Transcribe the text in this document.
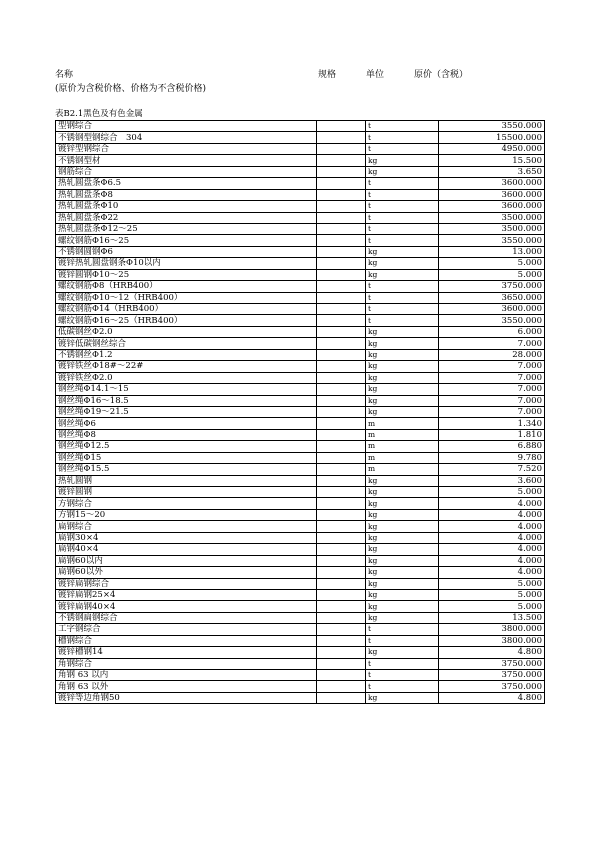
名称
(原价为含税价格、价格为不含税价格)
规格	单位	原价（含税）
表B2.1黑色及有色金属
型钢综合		t	3550.000
不锈钢型钢综合　304		t	15500.000
镀锌型钢综合		t	4950.000
不锈钢型材		kg	15.500
钢筋综合		kg	3.650
热轧圆盘条Φ6.5		t	3600.000
热轧圆盘条Φ8		t	3600.000
热轧圆盘条Φ10		t	3600.000
热轧圆盘条Φ22		t	3500.000
热轧圆盘条Φ12～25		t	3500.000
螺纹钢筋Φ16～25		t	3550.000
不锈钢圆钢Φ6		kg	13.000
镀锌热轧圆盘钢条Φ10以内		kg	5.000
镀锌圆钢Φ10～25		kg	5.000
螺纹钢筋Φ8（HRB400）		t	3750.000
螺纹钢筋Φ10～12（HRB400）		t	3650.000
螺纹钢筋Φ14（HRB400）		t	3600.000
螺纹钢筋Φ16～25（HRB400）		t	3550.000
低碳钢丝Φ2.0		kg	6.000
镀锌低碳钢丝综合		kg	7.000
不锈钢丝Φ1.2		kg	28.000
镀锌铁丝Φ18#～22#		kg	7.000
镀锌铁丝Φ2.0		kg	7.000
钢丝绳Φ14.1～15		kg	7.000
钢丝绳Φ16～18.5		kg	7.000
钢丝绳Φ19～21.5		kg	7.000
钢丝绳Φ6		m	1.340
钢丝绳Φ8		m	1.810
钢丝绳Φ12.5		m	6.880
钢丝绳Φ15		m	9.780
钢丝绳Φ15.5		m	7.520
热轧圆钢		kg	3.600
镀锌圆钢		kg	5.000
方钢综合		kg	4.000
方钢15～20		kg	4.000
扁钢综合		kg	4.000
扁钢30×4		kg	4.000
扁钢40×4		kg	4.000
扁钢60以内		kg	4.000
扁钢60以外		kg	4.000
镀锌扁钢综合		kg	5.000
镀锌扁钢25×4		kg	5.000
镀锌扁钢40×4		kg	5.000
不锈钢扁钢综合		kg	13.500
工字钢综合		t	3800.000
槽钢综合		t	3800.000
镀锌槽钢14		kg	4.800
角钢综合		t	3750.000
角钢 63 以内		t	3750.000
角钢 63 以外		t	3750.000
镀锌等边角钢50		kg	4.800
